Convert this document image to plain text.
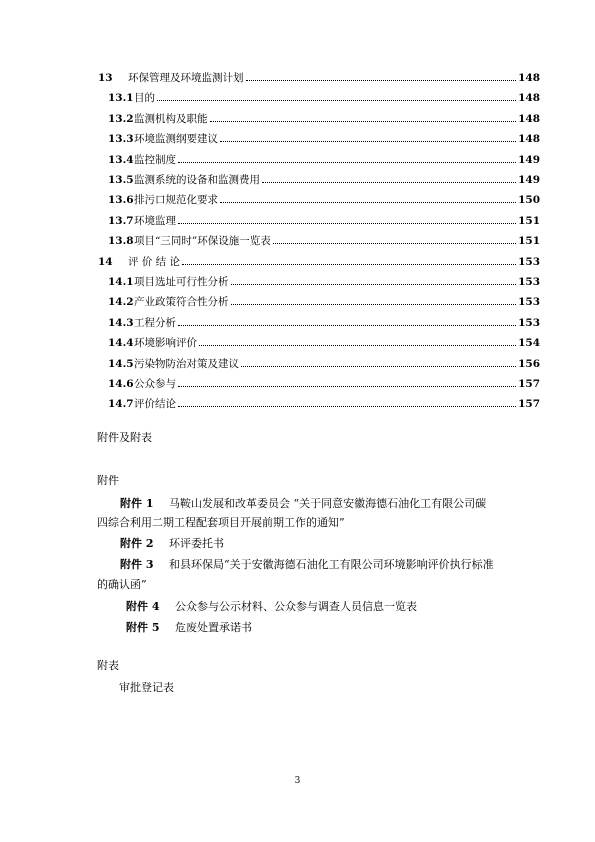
13 环保管理及环境监测计划	148
13.1 目的	148
13.2 监测机构及职能	148
13.3 环境监测纲要建议	148
13.4 监控制度	149
13.5 监测系统的设备和监测费用	149
13.6 排污口规范化要求	150
13.7 环境监理	151
13.8 项目“三同时”环保设施一览表	151
14 评 价 结 论	153
14.1 项目选址可行性分析	153
14.2 产业政策符合性分析	153
14.3 工程分析	153
14.4 环境影响评价	154
14.5 污染物防治对策及建议	156
14.6 公众参与	157
14.7 评价结论	157
附件及附表
附件
附件 1 马鞍山发展和改革委员会 “关于同意安徽海德石油化工有限公司碳
四综合利用二期工程配套项目开展前期工作的通知”
附件 2 环评委托书
附件 3 和县环保局“关于安徽海德石油化工有限公司环境影响评价执行标准
的确认函”
附件 4 公众参与公示材料、公众参与调查人员信息一览表
附件 5 危废处置承诺书
附表
审批登记表
3
